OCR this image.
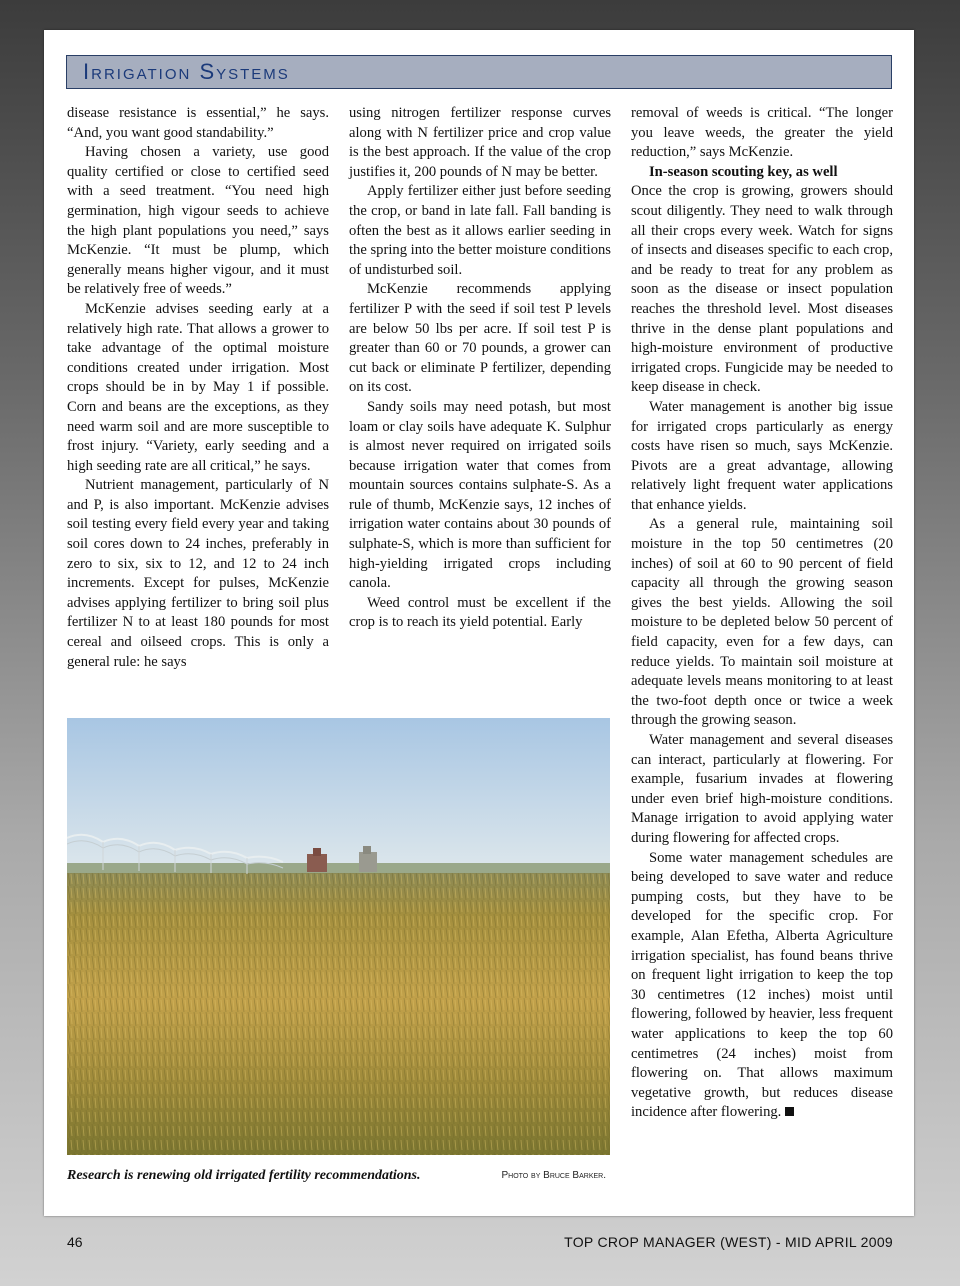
Irrigation Systems

disease resistance is essential,” he says. “And, you want good standability.”

Having chosen a variety, use good quality certified or close to certified seed with a seed treatment. “You need high germination, high vigour seeds to achieve the high plant populations you need,” says McKenzie. “It must be plump, which generally means higher vigour, and it must be relatively free of weeds.”

McKenzie advises seeding early at a relatively high rate. That allows a grower to take advantage of the optimal moisture conditions created under irrigation. Most crops should be in by May 1 if possible. Corn and beans are the exceptions, as they need warm soil and are more susceptible to frost injury. “Variety, early seeding and a high seeding rate are all critical,” he says.

Nutrient management, particularly of N and P, is also important. McKenzie advises soil testing every field every year and taking soil cores down to 24 inches, preferably in zero to six, six to 12, and 12 to 24 inch increments. Except for pulses, McKenzie advises applying fertilizer to bring soil plus fertilizer N to at least 180 pounds for most cereal and oilseed crops. This is only a general rule: he says

using nitrogen fertilizer response curves along with N fertilizer price and crop value is the best approach. If the value of the crop justifies it, 200 pounds of N may be better.

Apply fertilizer either just before seeding the crop, or band in late fall. Fall banding is often the best as it allows earlier seeding in the spring into the better moisture conditions of undisturbed soil.

McKenzie recommends applying fertilizer P with the seed if soil test P levels are below 50 lbs per acre. If soil test P is greater than 60 or 70 pounds, a grower can cut back or eliminate P fertilizer, depending on its cost.

Sandy soils may need potash, but most loam or clay soils have adequate K. Sulphur is almost never required on irrigated soils because irrigation water that comes from mountain sources contains sulphate-S. As a rule of thumb, McKenzie says, 12 inches of irrigation water contains about 30 pounds of sulphate-S, which is more than sufficient for high-yielding irrigated crops including canola.

Weed control must be excellent if the crop is to reach its yield potential. Early

removal of weeds is critical. “The longer you leave weeds, the greater the yield reduction,” says McKenzie.

In-season scouting key, as well

Once the crop is growing, growers should scout diligently. They need to walk through all their crops every week. Watch for signs of insects and diseases specific to each crop, and be ready to treat for any problem as soon as the disease or insect population reaches the threshold level. Most diseases thrive in the dense plant populations and high-moisture environment of productive irrigated crops. Fungicide may be needed to keep disease in check.

Water management is another big issue for irrigated crops particularly as energy costs have risen so much, says McKenzie. Pivots are a great advantage, allowing relatively light frequent water applications that enhance yields.

As a general rule, maintaining soil moisture in the top 50 centimetres (20 inches) of soil at 60 to 90 percent of field capacity all through the growing season gives the best yields. Allowing the soil moisture to be depleted below 50 percent of field capacity, even for a few days, can reduce yields. To maintain soil moisture at adequate levels means monitoring to at least the two-foot depth once or twice a week through the growing season.

Water management and several diseases can interact, particularly at flowering. For example, fusarium invades at flowering under even brief high-moisture conditions. Manage irrigation to avoid applying water during flowering for affected crops.

Some water management schedules are being developed to save water and reduce pumping costs, but they have to be developed for the specific crop. For example, Alan Efetha, Alberta Agriculture irrigation specialist, has found beans thrive on frequent light irrigation to keep the top 30 centimetres (12 inches) moist until flowering, followed by heavier, less frequent water applications to keep the top 60 centimetres (24 inches) moist from flowering on. That allows maximum vegetative growth, but reduces disease incidence after flowering.

Research is renewing old irrigated fertility recommendations.	Photo by Bruce Barker.
46	TOP CROP MANAGER (WEST) - MID APRIL 2009
